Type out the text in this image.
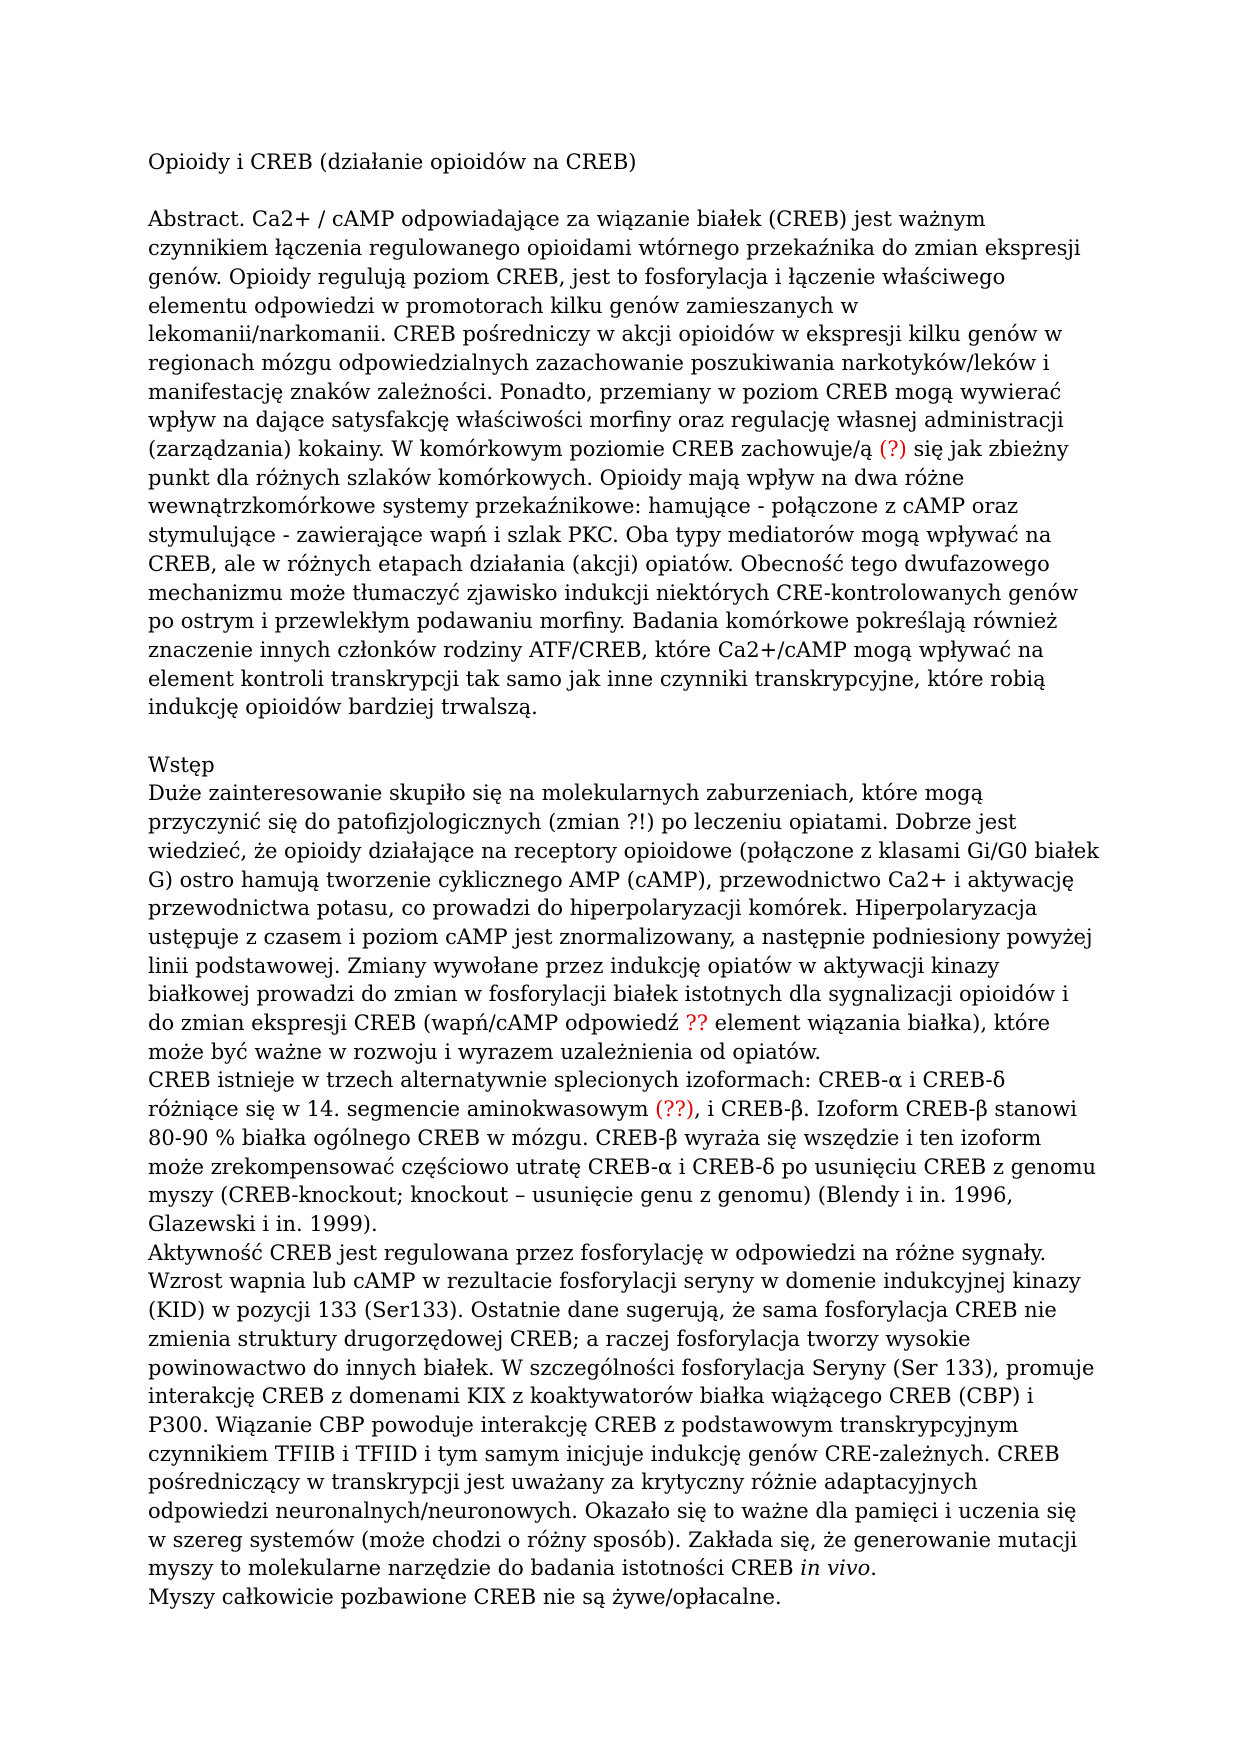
Opioidy i CREB (działanie opioidów na CREB)

Abstract. Ca2+ / cAMP odpowiadające za wiązanie białek (CREB) jest ważnym czynnikiem łączenia regulowanego opioidami wtórnego przekaźnika do zmian ekspresji genów. Opioidy regulują poziom CREB, jest to fosforylacja i łączenie właściwego elementu odpowiedzi w promotorach kilku genów zamieszanych w lekomanii/narkomanii. CREB pośredniczy w akcji opioidów w ekspresji kilku genów w regionach mózgu odpowiedzialnych zazachowanie poszukiwania narkotyków/leków i manifestację znaków zależności. Ponadto, przemiany w poziom CREB mogą wywierać wpływ na dające satysfakcję właściwości morfiny oraz regulację własnej administracji (zarządzania) kokainy. W komórkowym poziomie CREB zachowuje/ą (?) się jak zbieżny punkt dla różnych szlaków komórkowych. Opioidy mają wpływ na dwa różne wewnątrzkomórkowe systemy przekaźnikowe: hamujące - połączone z cAMP oraz stymulujące - zawierające wapń i szlak PKC. Oba typy mediatorów mogą wpływać na CREB, ale w różnych etapach działania (akcji) opiatów. Obecność tego dwufazowego mechanizmu może tłumaczyć zjawisko indukcji niektórych CRE-kontrolowanych genów po ostrym i przewlekłym podawaniu morfiny. Badania komórkowe pokreślają również znaczenie innych członków rodziny ATF/CREB, które Ca2+/cAMP mogą wpływać na element kontroli transkrypcji tak samo jak inne czynniki transkrypcyjne, które robią indukcję opioidów bardziej trwalszą.

Wstęp

Duże zainteresowanie skupiło się na molekularnych zaburzeniach, które mogą przyczynić się do patofizjologicznych (zmian ?!) po leczeniu opiatami. Dobrze jest wiedzieć, że opioidy działające na receptory opioidowe (połączone z klasami Gi/G0 białek G) ostro hamują tworzenie cyklicznego AMP (cAMP), przewodnictwo Ca2+ i aktywację przewodnictwa potasu, co prowadzi do hiperpolaryzacji komórek. Hiperpolaryzacja ustępuje z czasem i poziom cAMP jest znormalizowany, a następnie podniesiony powyżej linii podstawowej. Zmiany wywołane przez indukcję opiatów w aktywacji kinazy białkowej prowadzi do zmian w fosforylacji białek istotnych dla sygnalizacji opioidów i do zmian ekspresji CREB (wapń/cAMP odpowiedź ?? element wiązania białka), które może być ważne w rozwoju i wyrazem uzależnienia od opiatów.

CREB istnieje w trzech alternatywnie splecionych izoformach: CREB-α i CREB-δ różniące się w 14. segmencie aminokwasowym (??), i CREB-β. Izoform CREB-β stanowi 80-90 % białka ogólnego CREB w mózgu. CREB-β wyraża się wszędzie i ten izoform może zrekompensować częściowo utratę CREB-α i CREB-δ po usunięciu CREB z genomu myszy (CREB-knockout; knockout – usunięcie genu z genomu) (Blendy i in. 1996, Glazewski i in. 1999).

Aktywność CREB jest regulowana przez fosforylację w odpowiedzi na różne sygnały. Wzrost wapnia lub cAMP w rezultacie fosforylacji seryny w domenie indukcyjnej kinazy (KID) w pozycji 133 (Ser133). Ostatnie dane sugerują, że sama fosforylacja CREB nie zmienia struktury drugorzędowej CREB; a raczej fosforylacja tworzy wysokie powinowactwo do innych białek. W szczególności fosforylacja Seryny (Ser 133), promuje interakcję CREB z domenami KIX z koaktywatorów białka wiążącego CREB (CBP) i P300. Wiązanie CBP powoduje interakcję CREB z podstawowym transkrypcyjnym czynnikiem TFIIB i TFIID i tym samym inicjuje indukcję genów CRE-zależnych. CREB pośredniczący w transkrypcji jest uważany za krytyczny różnie adaptacyjnych odpowiedzi neuronalnych/neuronowych. Okazało się to ważne dla pamięci i uczenia się w szereg systemów (może chodzi o różny sposób). Zakłada się, że generowanie mutacji myszy to molekularne narzędzie do badania istotności CREB in vivo.

Myszy całkowicie pozbawione CREB nie są żywe/opłacalne.
